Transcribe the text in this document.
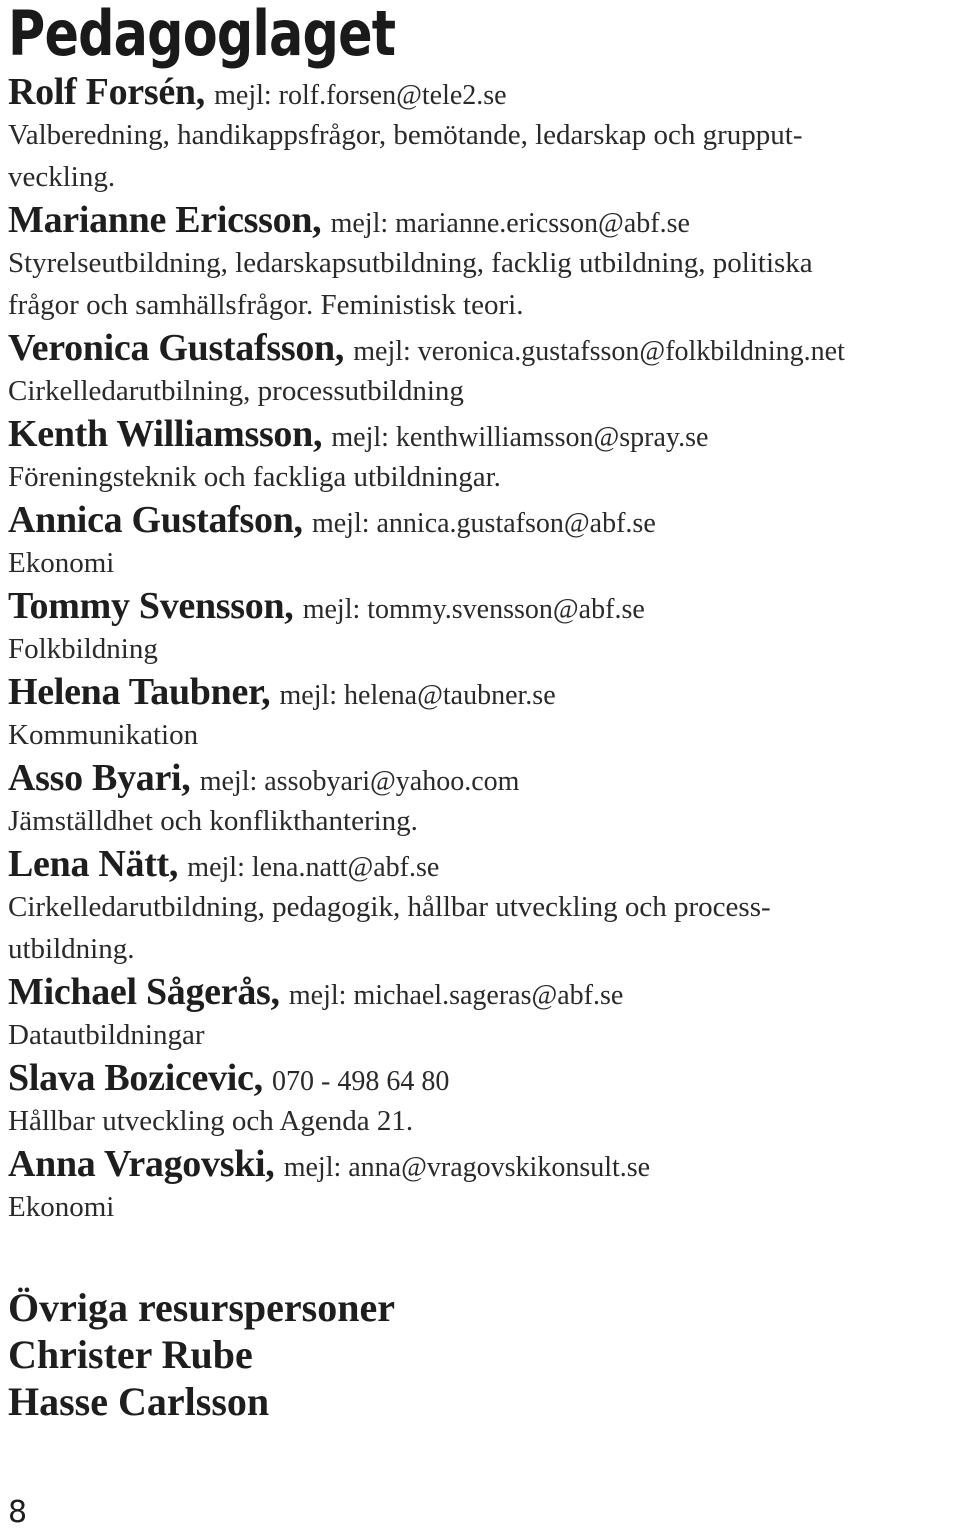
Pedagoglaget
Rolf Forsén, mejl: rolf.forsen@tele2.se
Valberedning, handikappsfrågor, bemötande, ledarskap och grupput-
veckling.
Marianne Ericsson, mejl: marianne.ericsson@abf.se
Styrelseutbildning, ledarskapsutbildning, facklig utbildning, politiska
frågor och samhällsfrågor. Feministisk teori.
Veronica Gustafsson, mejl: veronica.gustafsson@folkbildning.net
Cirkelledarutbilning, processutbildning
Kenth Williamsson, mejl: kenthwilliamsson@spray.se
Föreningsteknik och fackliga utbildningar.
Annica Gustafson, mejl: annica.gustafson@abf.se
Ekonomi
Tommy Svensson, mejl: tommy.svensson@abf.se
Folkbildning
Helena Taubner, mejl: helena@taubner.se
Kommunikation
Asso Byari, mejl: assobyari@yahoo.com
Jämställdhet och konflikthantering.
Lena Nätt, mejl: lena.natt@abf.se
Cirkelledarutbildning, pedagogik, hållbar utveckling och process-
utbildning.
Michael Sågerås, mejl: michael.sageras@abf.se
Datautbildningar
Slava Bozicevic, 070 - 498 64 80
Hållbar utveckling och Agenda 21.
Anna Vragovski, mejl: anna@vragovskikonsult.se
Ekonomi
Övriga resurspersoner
Christer Rube
Hasse Carlsson
8
